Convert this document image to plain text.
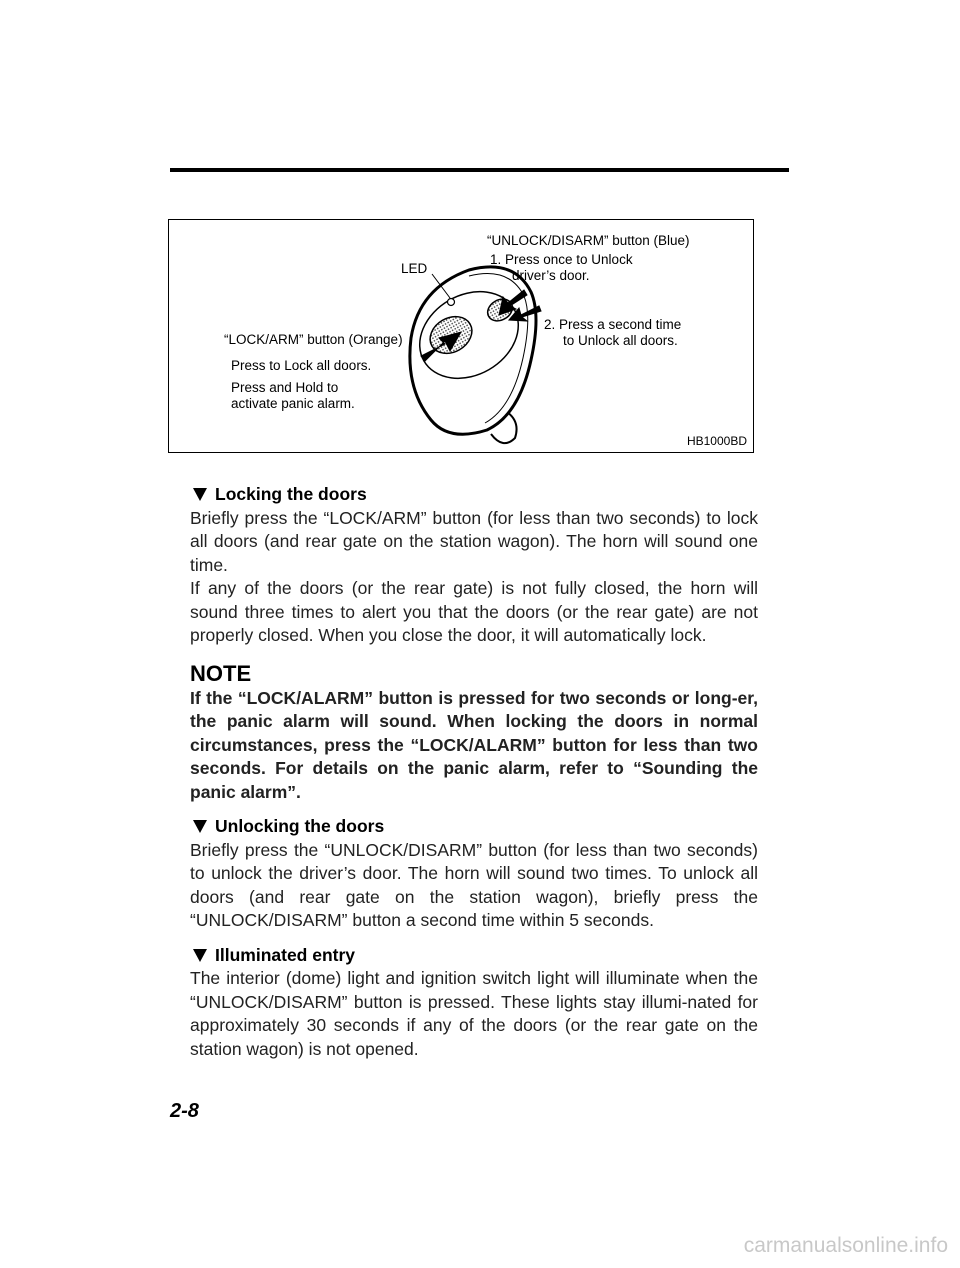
“UNLOCK/DISARM” button (Blue)
1. Press once to Unlock
driver’s door.
LED
2. Press a second time
to Unlock all doors.
“LOCK/ARM” button (Orange)
Press to Lock all doors.
Press and Hold to
activate panic alarm.
HB1000BD
Locking the doors

Briefly press the “LOCK/ARM” button (for less than two seconds) to lock all doors (and rear gate on the station wagon). The horn will sound one time.

If any of the doors (or the rear gate) is not fully closed, the horn will sound three times to alert you that the doors (or the rear gate) are not properly closed. When you close the door, it will automatically lock.

NOTE

If the “LOCK/ALARM” button is pressed for two seconds or long-er, the panic alarm will sound. When locking the doors in normal circumstances, press the “LOCK/ALARM” button for less than two seconds. For details on the panic alarm, refer to “Sounding the panic alarm”.

Unlocking the doors

Briefly press the “UNLOCK/DISARM” button (for less than two seconds) to unlock the driver’s door. The horn will sound two times. To unlock all doors (and rear gate on the station wagon), briefly press the “UNLOCK/DISARM” button a second time within 5 seconds.

Illuminated entry

The interior (dome) light and ignition switch light will illuminate when the “UNLOCK/DISARM” button is pressed. These lights stay illumi-nated for approximately 30 seconds if any of the doors (or the rear gate on the station wagon) is not opened.

2-8
carmanualsonline.info
